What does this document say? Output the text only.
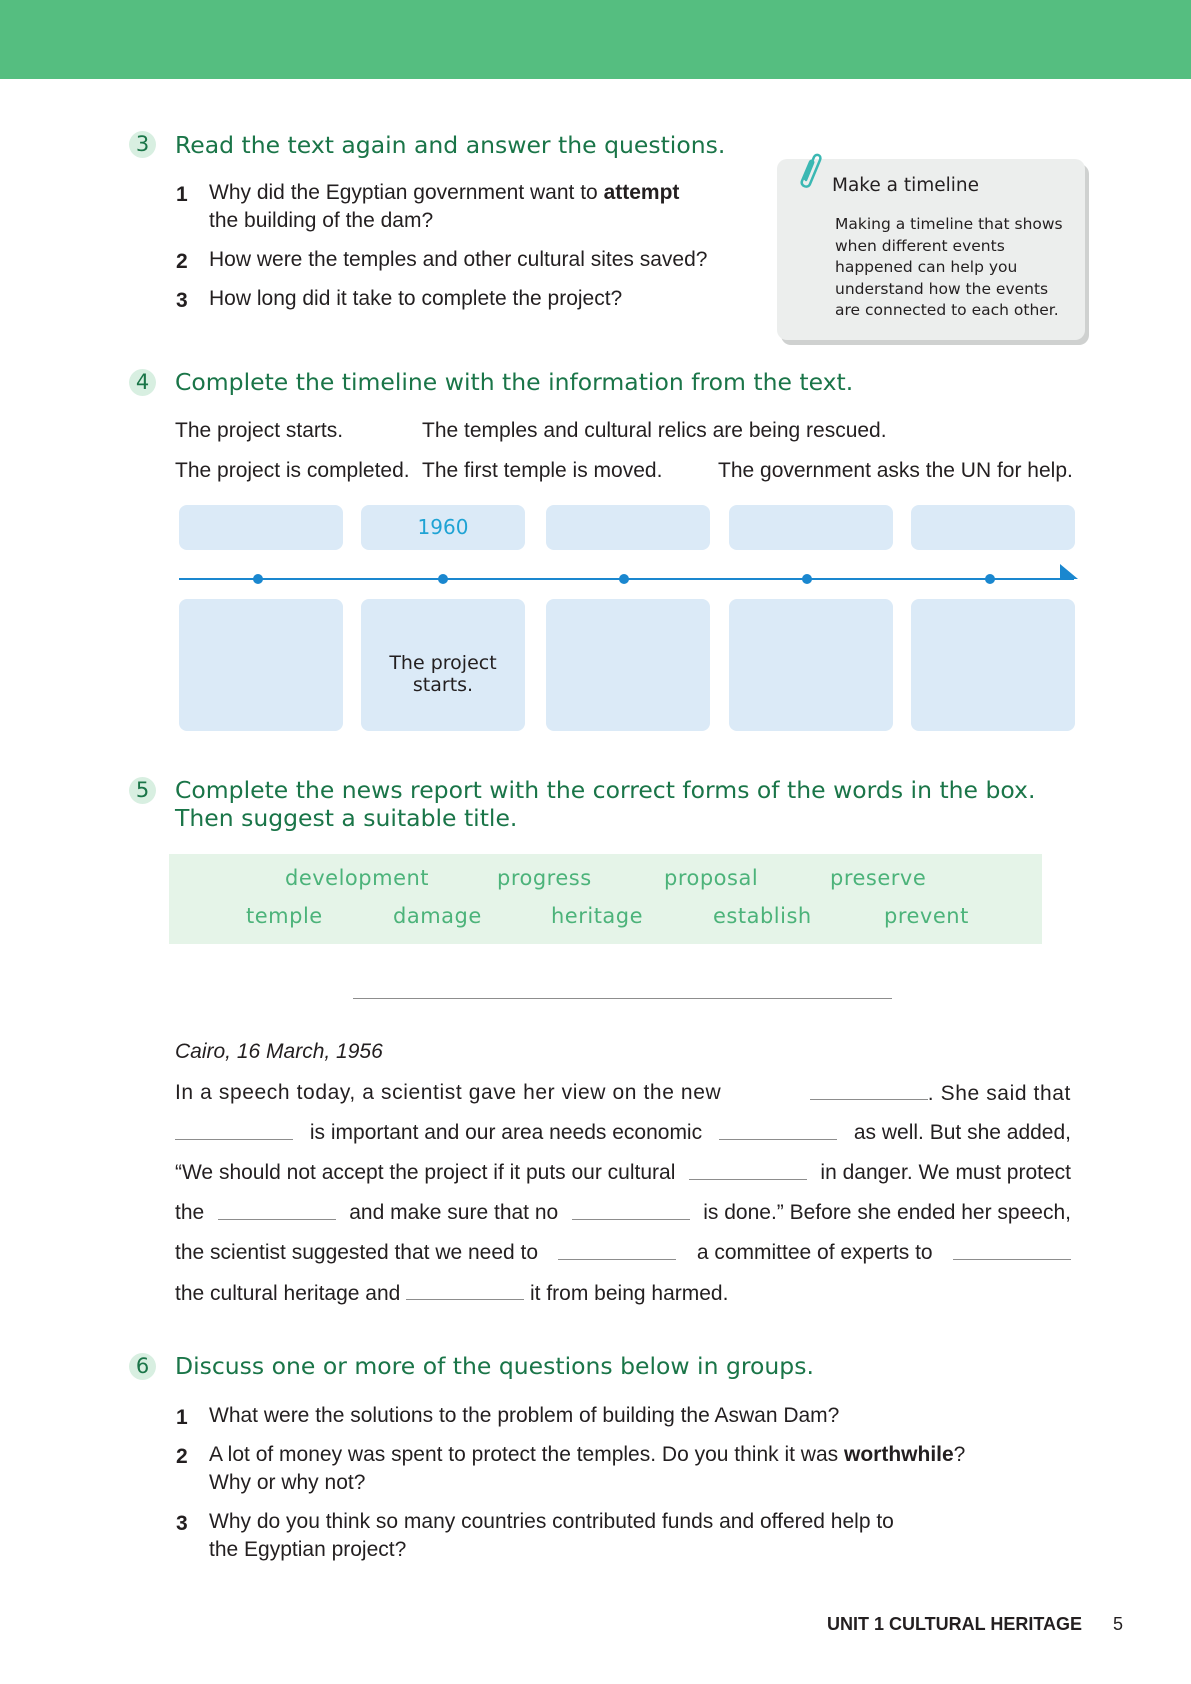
3 Read the text again and answer the questions.
1 Why did the Egyptian government want to attempt
the building of the dam?
2 How were the temples and other cultural sites saved?
3 How long did it take to complete the project?
Make a timeline
Making a timeline that shows when different events happened can help you understand how the events are connected to each other.
4 Complete the timeline with the information from the text.
The project starts.	The temples and cultural relics are being rescued.
The project is completed. The first temple is moved.	The government asks the UN for help.
1960
The project starts.
5 Complete the news report with the correct forms of the words in the box.
Then suggest a suitable title.
development	progress	proposal	preserve
temple	damage	heritage	establish	prevent
Cairo, 16 March, 1956
In a speech today, a scientist gave her view on the new	. She said that
is important and our area needs economic	as well. But she added,
“We should not accept the project if it puts our cultural	in danger. We must protect
the	and make sure that no	is done.” Before she ended her speech,
the scientist suggested that we need to	a committee of experts to
the cultural heritage and	it from being harmed.
6 Discuss one or more of the questions below in groups.
1 What were the solutions to the problem of building the Aswan Dam?
2 A lot of money was spent to protect the temples. Do you think it was worthwhile?
Why or why not?
3 Why do you think so many countries contributed funds and offered help to
the Egyptian project?
UNIT 1 CULTURAL HERITAGE 5
